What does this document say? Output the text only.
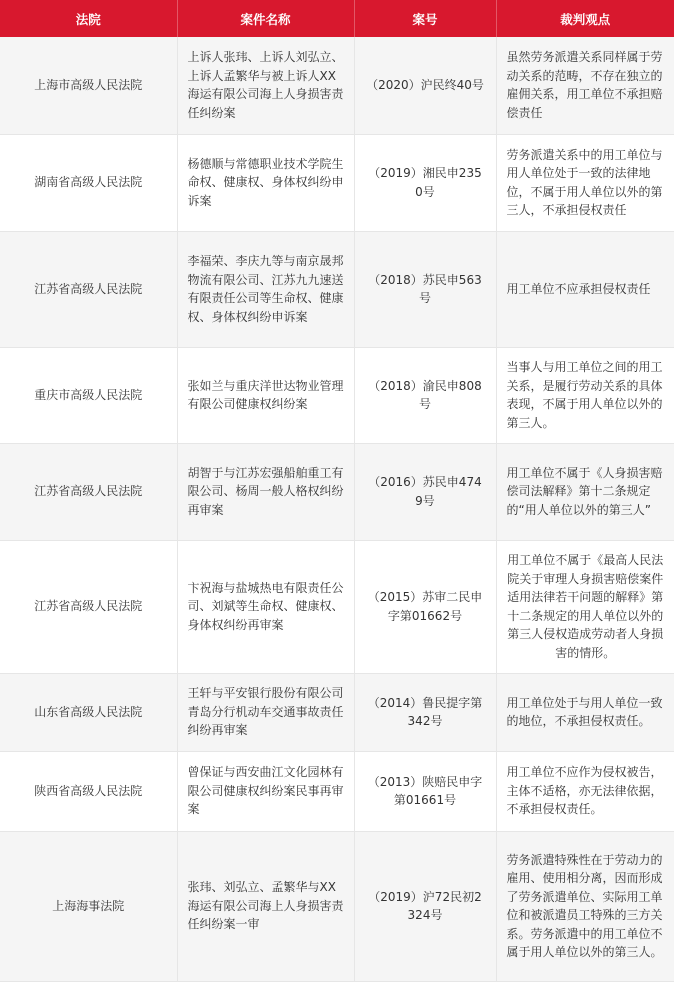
法院	案件名称	案号	裁判观点
上海市高级人民法院	上诉人张玮、上诉人刘弘立、上诉人孟繁华与被上诉人XX海运有限公司海上人身损害责任纠纷案	（2020）沪民终40号	虽然劳务派遣关系同样属于劳动关系的范畴，不存在独立的雇佣关系，用工单位不承担赔偿责任
湖南省高级人民法院	杨德顺与常德职业技术学院生命权、健康权、身体权纠纷申诉案	（2019）湘民申2350号	劳务派遣关系中的用工单位与用人单位处于一致的法律地位，不属于用人单位以外的第三人，不承担侵权责任
江苏省高级人民法院	李福荣、李庆九等与南京晟邦物流有限公司、江苏九九速送有限责任公司等生命权、健康权、身体权纠纷申诉案	（2018）苏民申563号	用工单位不应承担侵权责任
重庆市高级人民法院	张如兰与重庆洋世达物业管理有限公司健康权纠纷案	（2018）渝民申808号	当事人与用工单位之间的用工关系，是履行劳动关系的具体表现，不属于用人单位以外的第三人。
江苏省高级人民法院	胡智于与江苏宏强船舶重工有限公司、杨周一般人格权纠纷再审案	（2016）苏民申4749号	用工单位不属于《人身损害赔偿司法解释》第十二条规定的“用人单位以外的第三人”
江苏省高级人民法院	卞祝海与盐城热电有限责任公司、刘斌等生命权、健康权、身体权纠纷再审案	（2015）苏审二民申字第01662号	用工单位不属于《最高人民法院关于审理人身损害赔偿案件适用法律若干问题的解释》第十二条规定的用人单位以外的第三人侵权造成劳动者人身损害的情形。
山东省高级人民法院	王轩与平安银行股份有限公司青岛分行机动车交通事故责任纠纷再审案	（2014）鲁民提字第342号	用工单位处于与用人单位一致的地位，不承担侵权责任。
陕西省高级人民法院	曾保证与西安曲江文化园林有限公司健康权纠纷案民事再审案	（2013）陕赔民申字第01661号	用工单位不应作为侵权被告，主体不适格，亦无法律依据，不承担侵权责任。
上海海事法院	张玮、刘弘立、孟繁华与XX海运有限公司海上人身损害责任纠纷案一审	（2019）沪72民初2324号	劳务派遣特殊性在于劳动力的雇用、使用相分离，因而形成了劳务派遣单位、实际用工单位和被派遣员工特殊的三方关系。劳务派遣中的用工单位不属于用人单位以外的第三人。
